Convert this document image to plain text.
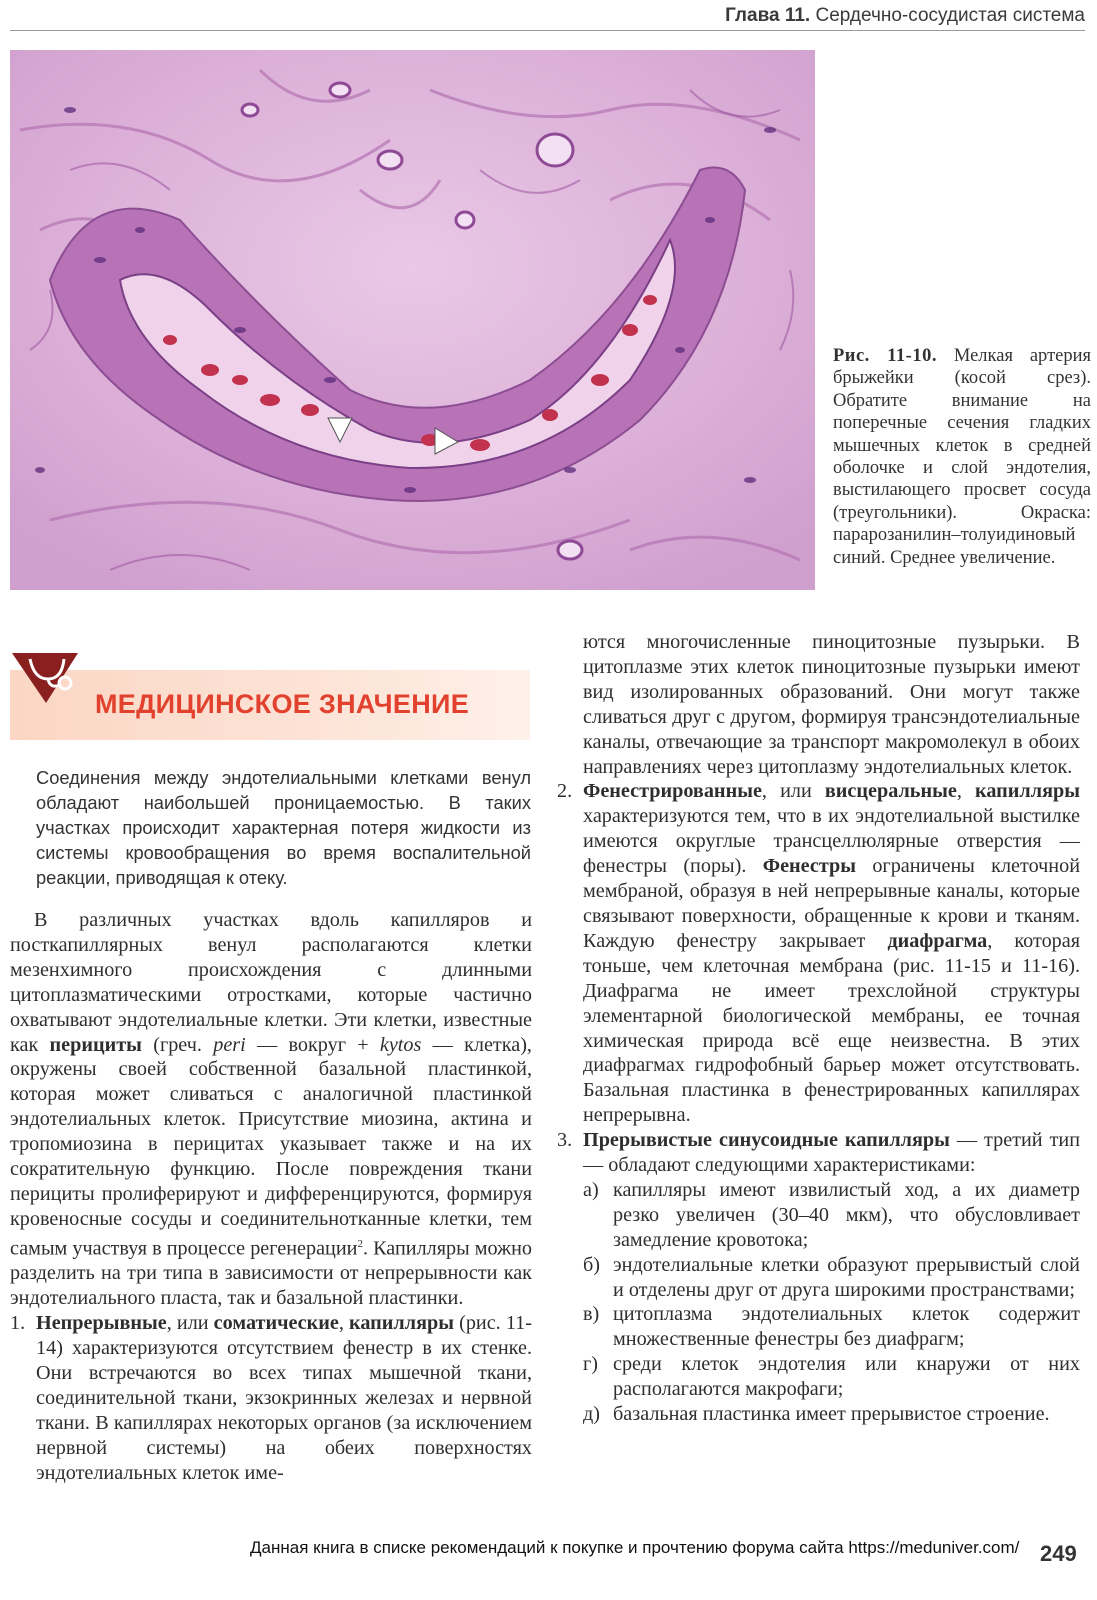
Глава 11. Сердечно-сосудистая система
Рис. 11-10. Мелкая артерия брыжейки (косой срез). Обратите внимание на поперечные сечения гладких мышечных клеток в средней оболочке и слой эндотелия, выстилающего просвет сосуда (треугольники). Окраска: парарозанилин–толуидиновый синий. Среднее увеличение.
МЕДИЦИНСКОЕ ЗНАЧЕНИЕ

Соединения между эндотелиальными клетками венул обладают наибольшей проницаемостью. В таких участках происходит характерная потеря жидкости из системы кровообращения во время воспалительной реакции, приводящая к отеку.

В различных участках вдоль капилляров и посткапиллярных венул располагаются клетки мезенхимного происхождения с длинными цитоплазматическими отростками, которые частично охватывают эндотелиальные клетки. Эти клетки, известные как перициты (греч. peri — вокруг + kytos — клетка), окружены своей собственной базальной пластинкой, которая может сливаться с аналогичной пластинкой эндотелиальных клеток. Присутствие миозина, актина и тропомиозина в перицитах указывает также и на их сократительную функцию. После повреждения ткани перициты пролиферируют и дифференцируются, формируя кровеносные сосуды и соединительнотканные клетки, тем самым участвуя в процессе регенерации$^2$. Капилляры можно разделить на три типа в зависимости от непрерывности как эндотелиального пласта, так и базальной пластинки.

1. Непрерывные, или соматические, капилляры (рис. 11-14) характеризуются отсутствием фенестр в их стенке. Они встречаются во всех типах мышечной ткани, соединительной ткани, экзокринных железах и нервной ткани. В капиллярах некоторых органов (за исключением нервной системы) на обеих поверхностях эндотелиальных клеток име-

ются многочисленные пиноцитозные пузырьки. В цитоплазме этих клеток пиноцитозные пузырьки имеют вид изолированных образований. Они могут также сливаться друг с другом, формируя трансэндотелиальные каналы, отвечающие за транспорт макромолекул в обоих направлениях через цитоплазму эндотелиальных клеток.

2. Фенестрированные, или висцеральные, капилляры характеризуются тем, что в их эндотелиальной выстилке имеются округлые трансцеллюлярные отверстия — фенестры (поры). Фенестры ограничены клеточной мембраной, образуя в ней непрерывные каналы, которые связывают поверхности, обращенные к крови и тканям. Каждую фенестру закрывает диафрагма, которая тоньше, чем клеточная мембрана (рис. 11-15 и 11-16). Диафрагма не имеет трехслойной структуры элементарной биологической мембраны, ее точная химическая природа всё еще неизвестна. В этих диафрагмах гидрофобный барьер может отсутствовать. Базальная пластинка в фенестрированных капиллярах непрерывна.
3. Прерывистые синусоидные капилляры — третий тип — обладают следующими характеристиками:
а) капилляры имеют извилистый ход, а их диаметр резко увеличен (30–40 мкм), что обусловливает замедление кровотока;
б) эндотелиальные клетки образуют прерывистый слой и отделены друг от друга широкими пространствами;
в) цитоплазма эндотелиальных клеток содержит множественные фенестры без диафрагм;
г) среди клеток эндотелия или кнаружи от них располагаются макрофаги;
д) базальная пластинка имеет прерывистое строение.
Данная книга в списке рекомендаций к покупке и прочтению форума сайта https://meduniver.com/ 249
